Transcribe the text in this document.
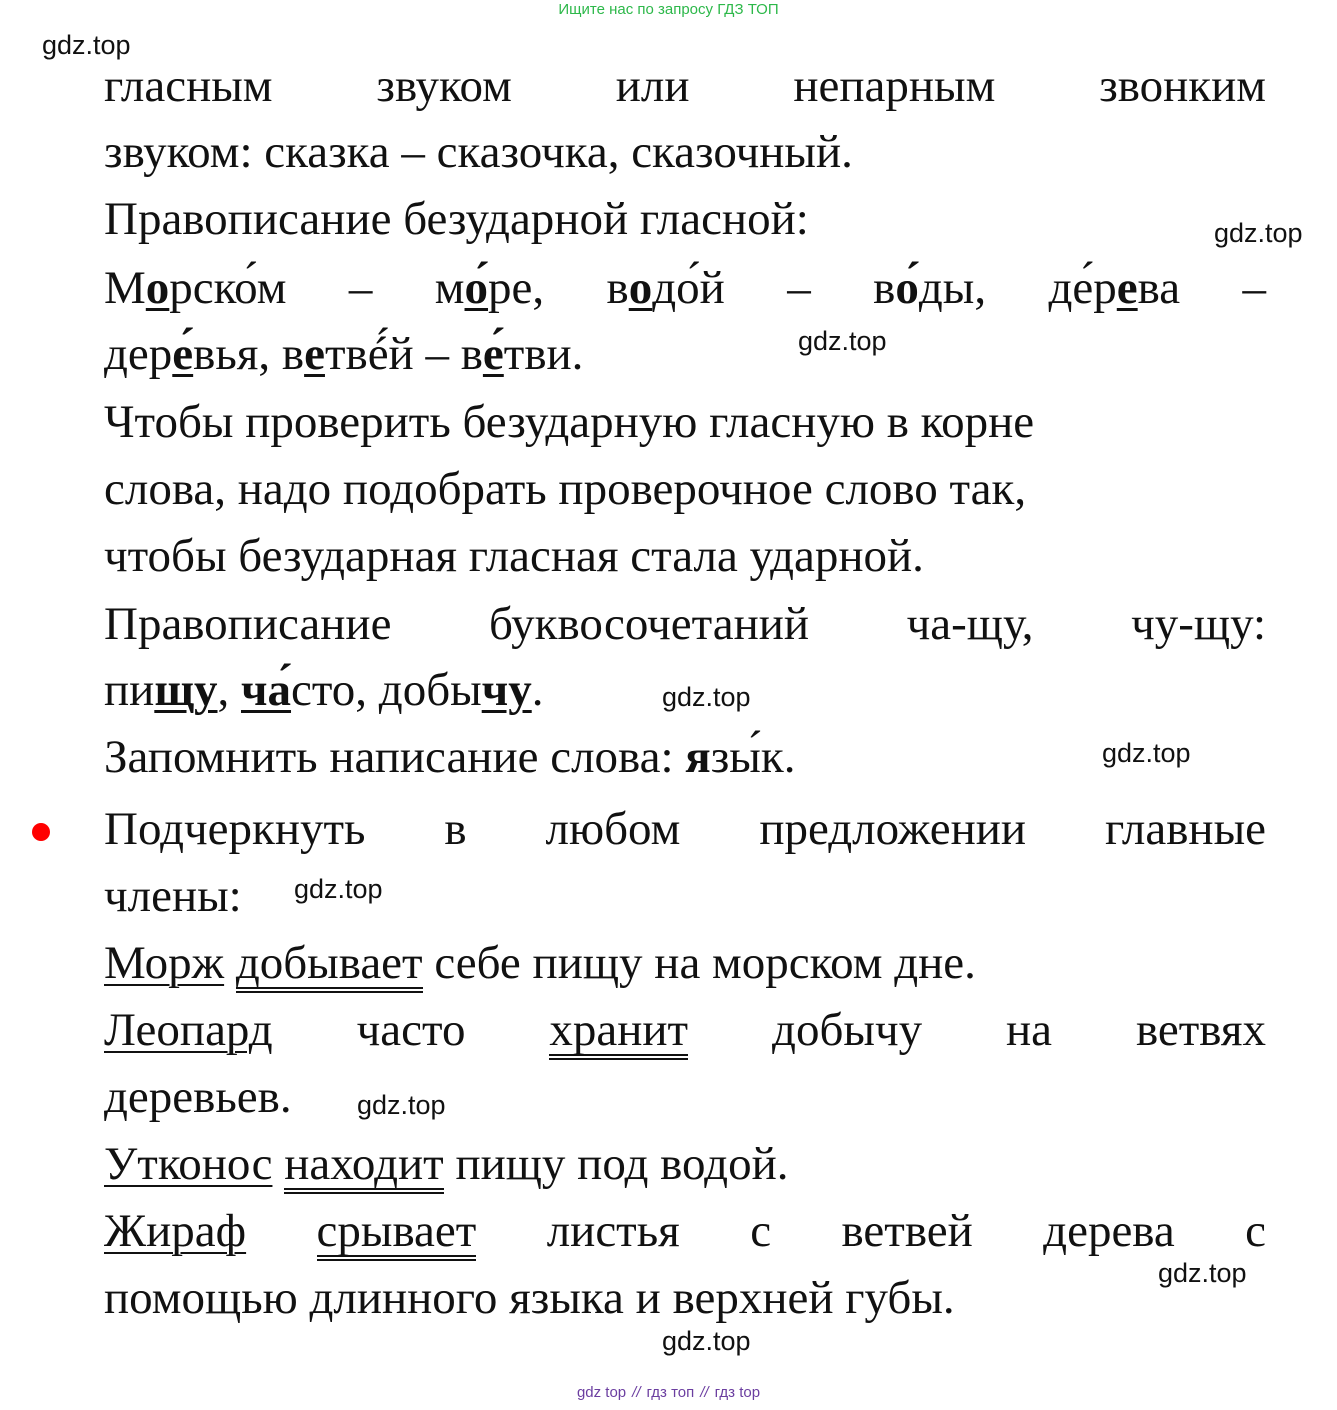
Ищите нас по запросу ГДЗ ТОП
gdz.top
gdz.top
gdz.top
gdz.top
gdz.top
gdz.top
gdz.top
gdz.top
gdz.top
гласным звуком или непарным звонким
звуком: сказка – сказочка, сказочный.
Правописание безударной гласной:
Морско́м – мо́ре, водо́й – во́ды, де́рева –
дере́вья, ветвé́й – ве́тви.
Чтобы проверить безударную гласную в корне
слова, надо подобрать проверочное слово так,
чтобы безударная гласная стала ударной.
Правописание буквосочетаний ча-щу, чу-щу:
пищу, ча́сто, добычу.
Запомнить написание слова: язы́к.
Подчеркнуть в любом предложении главные
члены:
Морж добывает себе пищу на морском дне.
Леопард часто хранит добычу на ветвях
деревьев.
Утконос находит пищу под водой.
Жираф срывает листья с ветвей дерева с
помощью длинного языка и верхней губы.
gdz top // гдз топ // гдз top
